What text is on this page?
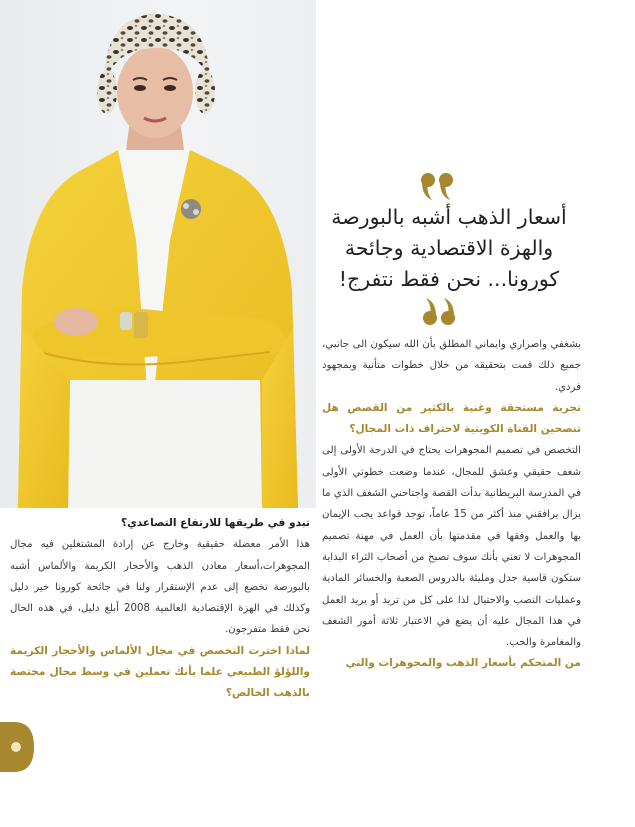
أسعار الذهب أشبه بالبورصة والهزة الاقتصادية وجائحة كورونا... نحن فقط نتفرج!

بشغفي واصراري وايماني المطلق بأن الله سيكون الى جانبي، جميع ذلك قمت بتحقيقه من خلال خطوات متأنية وبمجهود فردي.

تجربة مستحقة وغنية بالكثير من القصص هل تنصحين الفتاة الكويتية لاحتراف ذات المجال؟

التخصص في تصميم المجوهرات يحتاج في الدرجة الأولى إلى شغف حقيقي وعشق للمجال، عندما وضعت خطوتي الأولى في المدرسة البريطانية بدأت القصة واجتاحني الشغف الذي ما يزال يرافقني منذ أكثر من 15 عاماً، توجد قواعد يجب الإيمان بها والعمل وفقها في مقدمتها بأن العمل في مهنة تصميم المجوهرات لا تعني بأنك سوف تصبح من أصحاب الثراء البداية ستكون قاسية جدل ومليئة بالدروس الصعبة والخسائر المادية وعمليات النصب والاحتيال لذا على كل من تريد أو يريد العمل في هذا المجال عليه أن يضع في الاعتبار ثلاثة أمور الشغف والمغامرة والحب.

من المتحكم بأسعار الذهب والمجوهرات والتي

تبدو في طريقها للارتفاع التصاعدي؟

هذا الأمر معضلة حقيقية وخارج عن إرادة المشتغلين فيه مجال المجوهرات،أسعار معادن الذهب والأحجار الكريمة والألماس أشبه بالبورصة تخضع إلى عدم الإستقرار ولنا في جائحة كورونا خير دليل وكذلك في الهزة الإقتصادية العالمية 2008 أبلغ دليل، في هذه الحال نحن فقط متفرجون.

لماذا اخترت التخصص في مجال الألماس والأحجار الكريمة واللؤلؤ الطبيعي علما بأنك تعملين في وسط محال مختصة بالذهب الخالص؟
